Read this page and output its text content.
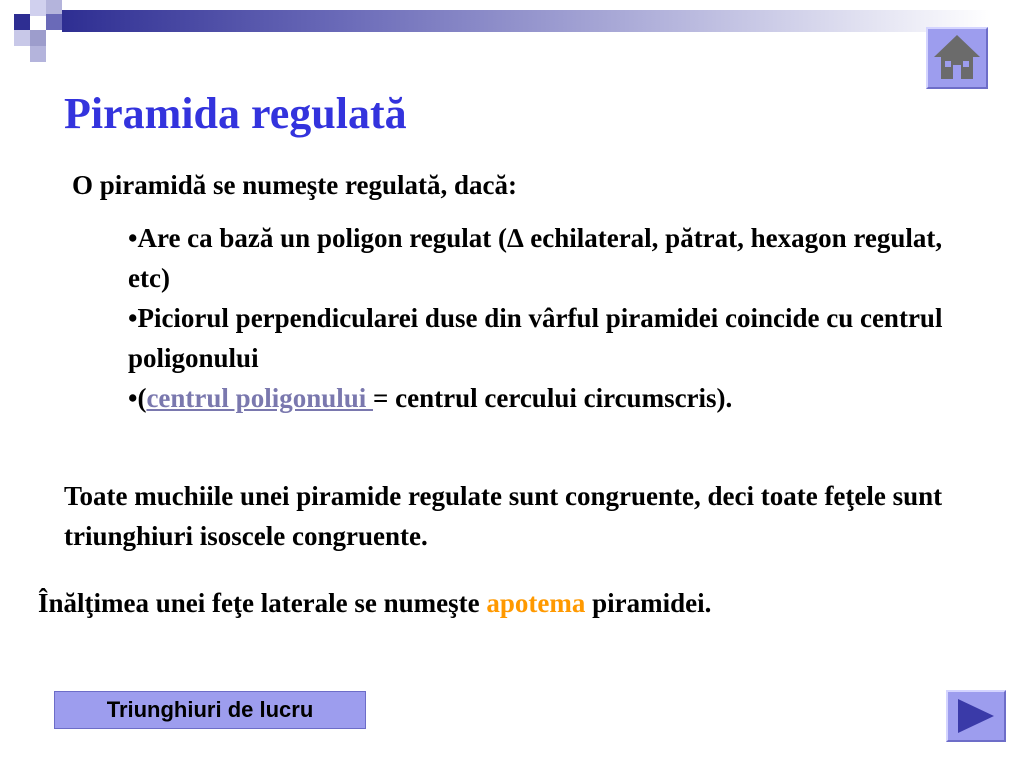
Piramida regulată
O piramidă se numeşte regulată, dacă:
•Are ca bază un poligon regulat (∆ echilateral, pătrat, hexagon regulat, etc)
•Piciorul perpendicularei duse din vârful piramidei coincide cu centrul poligonului
•(centrul poligonului = centrul cercului circumscris).
Toate muchiile unei piramide regulate sunt congruente, deci toate feţele sunt triunghiuri isoscele congruente.
Înălţimea unei feţe laterale se numeşte apotema piramidei.
Triunghiuri de lucru
